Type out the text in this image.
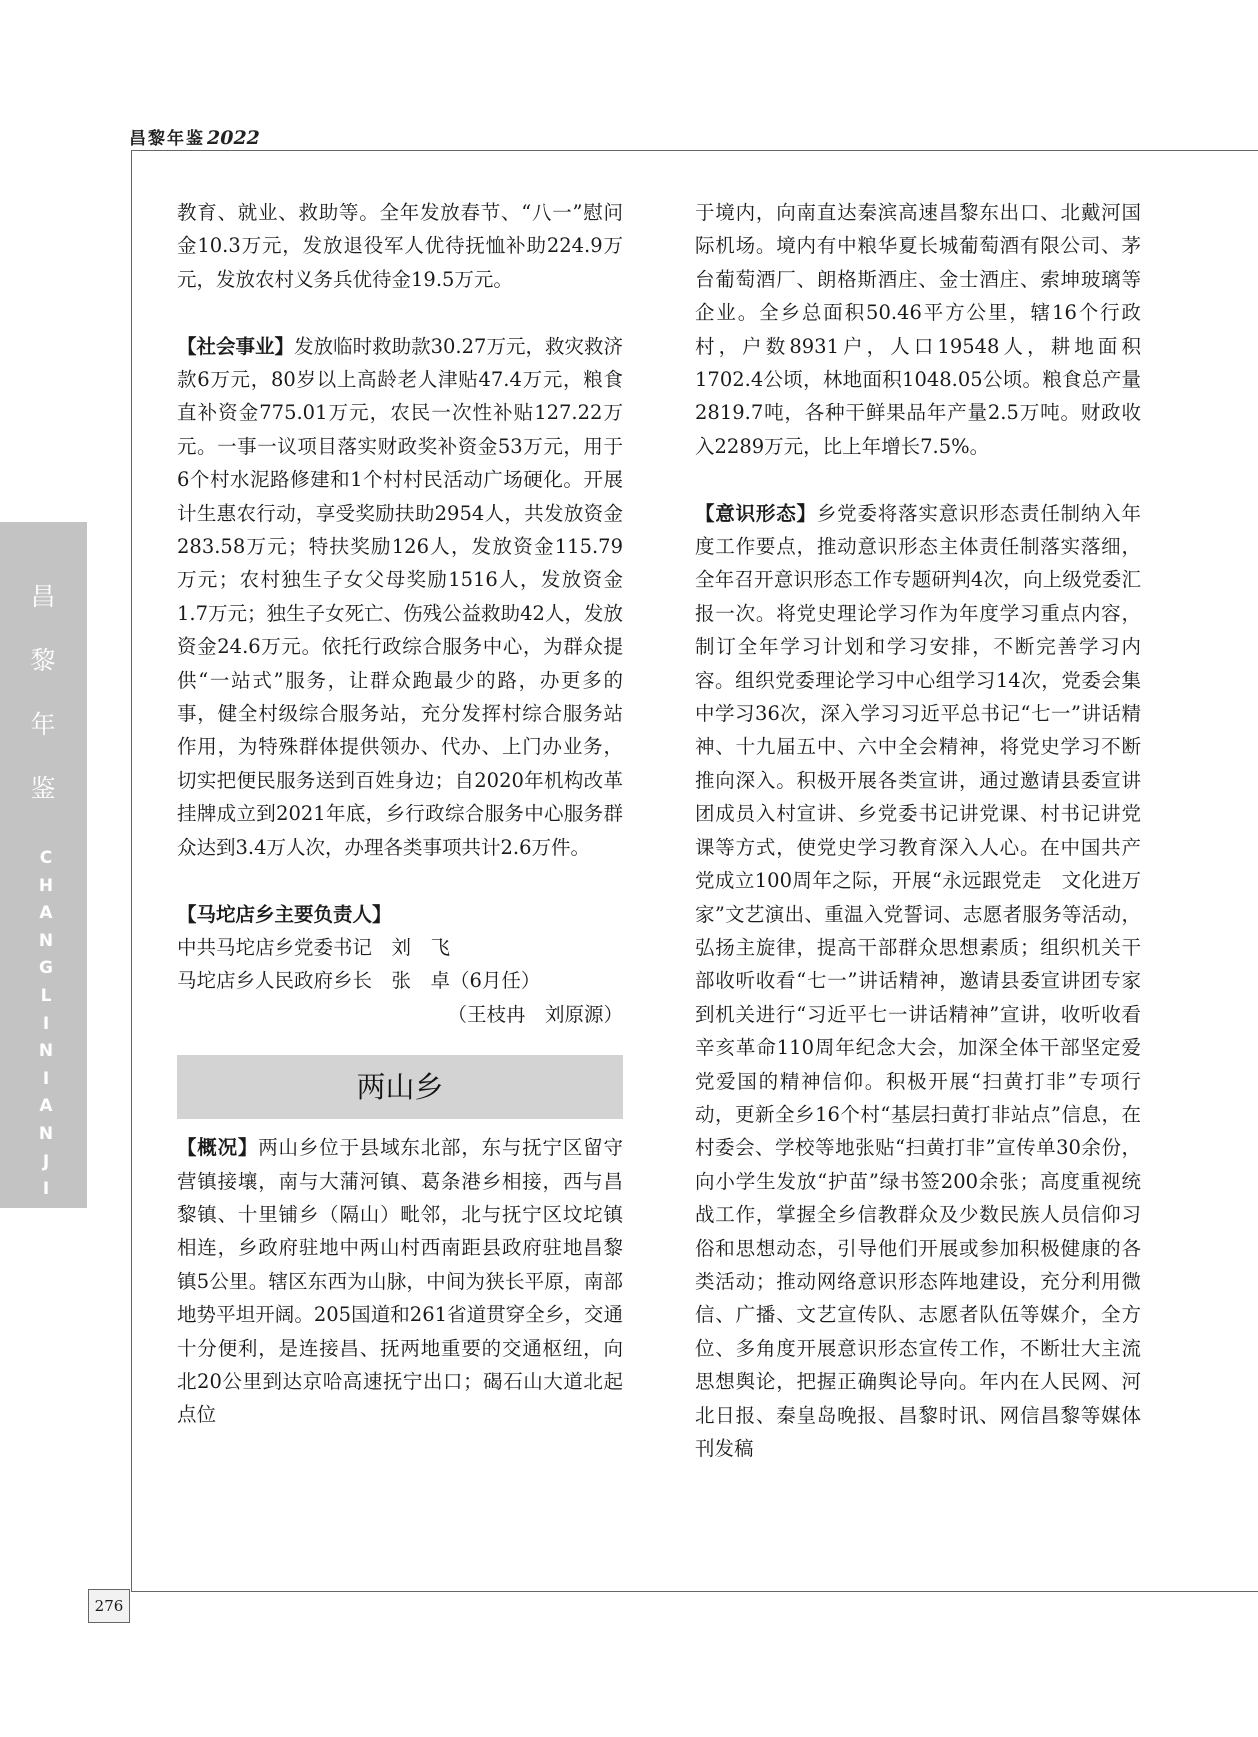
昌黎年鉴 2022
昌
黎
年
鉴
C
H
A
N
G
L
I
N
I
A
N
J
I
A
N
276

教育、就业、救助等。全年发放春节、“八一”慰问金10.3万元，发放退役军人优待抚恤补助224.9万元，发放农村义务兵优待金19.5万元。

【社会事业】发放临时救助款30.27万元，救灾救济款6万元，80岁以上高龄老人津贴47.4万元，粮食直补资金775.01万元，农民一次性补贴127.22万元。一事一议项目落实财政奖补资金53万元，用于6个村水泥路修建和1个村村民活动广场硬化。开展计生惠农行动，享受奖励扶助2954人，共发放资金283.58万元；特扶奖励126人，发放资金115.79万元；农村独生子女父母奖励1516人，发放资金1.7万元；独生子女死亡、伤残公益救助42人，发放资金24.6万元。依托行政综合服务中心，为群众提供“一站式”服务，让群众跑最少的路，办更多的事，健全村级综合服务站，充分发挥村综合服务站作用，为特殊群体提供领办、代办、上门办业务，切实把便民服务送到百姓身边；自2020年机构改革挂牌成立到2021年底，乡行政综合服务中心服务群众达到3.4万人次，办理各类事项共计2.6万件。

【马坨店乡主要负责人】

中共马坨店乡党委书记　刘　飞

马坨店乡人民政府乡长　张　卓（6月任）

（王枝冉　刘原源）

两山乡

【概况】两山乡位于县域东北部，东与抚宁区留守营镇接壤，南与大蒲河镇、葛条港乡相接，西与昌黎镇、十里铺乡（隔山）毗邻，北与抚宁区坟坨镇相连，乡政府驻地中两山村西南距县政府驻地昌黎镇5公里。辖区东西为山脉，中间为狭长平原，南部地势平坦开阔。205国道和261省道贯穿全乡，交通十分便利，是连接昌、抚两地重要的交通枢纽，向北20公里到达京哈高速抚宁出口；碣石山大道北起点位

于境内，向南直达秦滨高速昌黎东出口、北戴河国际机场。境内有中粮华夏长城葡萄酒有限公司、茅台葡萄酒厂、朗格斯酒庄、金士酒庄、索坤玻璃等企业。全乡总面积50.46平方公里，辖16个行政村，户数8931户，人口19548人，耕地面积1702.4公顷，林地面积1048.05公顷。粮食总产量2819.7吨，各种干鲜果品年产量2.5万吨。财政收入2289万元，比上年增长7.5%。

【意识形态】乡党委将落实意识形态责任制纳入年度工作要点，推动意识形态主体责任制落实落细，全年召开意识形态工作专题研判4次，向上级党委汇报一次。将党史理论学习作为年度学习重点内容，制订全年学习计划和学习安排，不断完善学习内容。组织党委理论学习中心组学习14次，党委会集中学习36次，深入学习习近平总书记“七一”讲话精神、十九届五中、六中全会精神，将党史学习不断推向深入。积极开展各类宣讲，通过邀请县委宣讲团成员入村宣讲、乡党委书记讲党课、村书记讲党课等方式，使党史学习教育深入人心。在中国共产党成立100周年之际，开展“永远跟党走　文化进万家”文艺演出、重温入党誓词、志愿者服务等活动，弘扬主旋律，提高干部群众思想素质；组织机关干部收听收看“七一”讲话精神，邀请县委宣讲团专家到机关进行“习近平七一讲话精神”宣讲，收听收看辛亥革命110周年纪念大会，加深全体干部坚定爱党爱国的精神信仰。积极开展“扫黄打非”专项行动，更新全乡16个村“基层扫黄打非站点”信息，在村委会、学校等地张贴“扫黄打非”宣传单30余份，向小学生发放“护苗”绿书签200余张；高度重视统战工作，掌握全乡信教群众及少数民族人员信仰习俗和思想动态，引导他们开展或参加积极健康的各类活动；推动网络意识形态阵地建设，充分利用微信、广播、文艺宣传队、志愿者队伍等媒介，全方位、多角度开展意识形态宣传工作，不断壮大主流思想舆论，把握正确舆论导向。年内在人民网、河北日报、秦皇岛晚报、昌黎时讯、网信昌黎等媒体刊发稿
